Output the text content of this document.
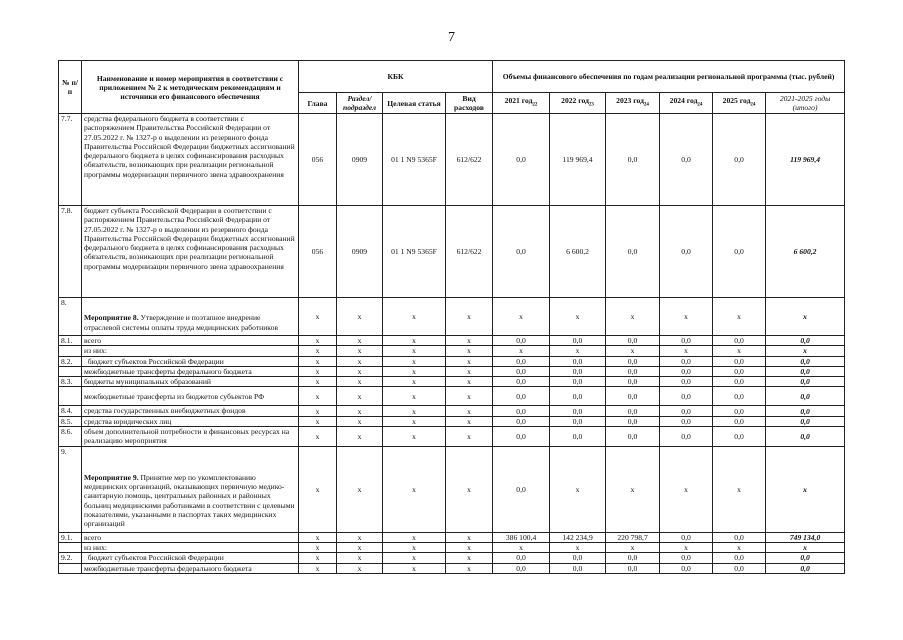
7
№ п/п	Наименование и номер мероприятия в соответствии с приложением № 2 к методическим рекомендациям и источники его финансового обеспечения	КБК				Объемы финансового обеспечения по годам реализации региональной программы (тыс. рублей)					
		Глава	Раздел/ подраздел	Целевая статья	Вид расходов	2021 год$_{22}$	2022 год$_{23}$	2023 год$_{24}$	2024 год$_{24}$	2025 год$_{24}$	2021-2025 годы (итого)
7.7.	средства федерального бюджета в соответствии с распоряжением Правительства Российской Федерации от 27.05.2022 г. № 1327-р о выделении из резервного фонда Правительства Российской Федерации бюджетных ассигнований федерального бюджета в целях софинансирования расходных обязательств, возникающих при реализации региональной программы модернизации первичного звена здравоохранения	056	0909	01 1 N9 5365F	612/622	0,0	119 969,4	0,0	0,0	0,0	119 969,4
7.8.	бюджет субъекта Российской Федерации в соответствии с распоряжением Правительства Российской Федерации от 27.05.2022 г. № 1327-р о выделении из резервного фонда Правительства Российской Федерации бюджетных ассигнований федерального бюджета в целях софинансирования расходных обязательств, возникающих при реализации региональной программы модернизации первичного звена здравоохранения	056	0909	01 1 N9 5365F	612/622	0,0	6 600,2	0,0	0,0	0,0	6 600,2
8.	Мероприятие 8. Утверждение и поэтапное внедрение отраслевой системы оплаты труда медицинских работников	x	x	x	x	x	x	x	x	x	x
8.1.	всего	x	x	x	x	0,0	0,0	0,0	0,0	0,0	0,0
	из них:	x	x	x	x	x	x	x	x	x	x
8.2.	бюджет субъектов Российской Федерации	x	x	x	x	0,0	0,0	0,0	0,0	0,0	0,0
	межбюджетные трансферты федерального бюджета	x	x	x	x	0,0	0,0	0,0	0,0	0,0	0,0
8.3.	бюджеты муниципальных образований	x	x	x	x	0,0	0,0	0,0	0,0	0,0	0,0
	межбюджетные трансферты из бюджетов субъектов РФ	x	x	x	x	0,0	0,0	0,0	0,0	0,0	0,0
8.4.	средства государственных внебюджетных фондов	x	x	x	x	0,0	0,0	0,0	0,0	0,0	0,0
8.5.	средства юридических лиц	x	x	x	x	0,0	0,0	0,0	0,0	0,0	0,0
8.6.	объем дополнительной потребности в финансовых ресурсах на реализацию мероприятия	x	x	x	x	0,0	0,0	0,0	0,0	0,0	0,0
9.	Мероприятие 9. Принятие мер по укомплектованию медицинских организаций, оказывающих первичную медико-санитарную помощь, центральных районных и районных больниц медицинскими работниками в соответствии с целевыми показателями, указанными в паспортах таких медицинских организаций	x	x	x	x	0,0	x	x	x	x	x
9.1.	всего	x	x	x	x	386 100,4	142 234,9	220 798,7	0,0	0,0	749 134,0
	из них:	x	x	x	x	x	x	x	x	x	x
9.2.	бюджет субъектов Российской Федерации	x	x	x	x	0,0	0,0	0,0	0,0	0,0	0,0
	межбюджетные трансферты федерального бюджета	x	x	x	x	0,0	0,0	0,0	0,0	0,0	0,0
